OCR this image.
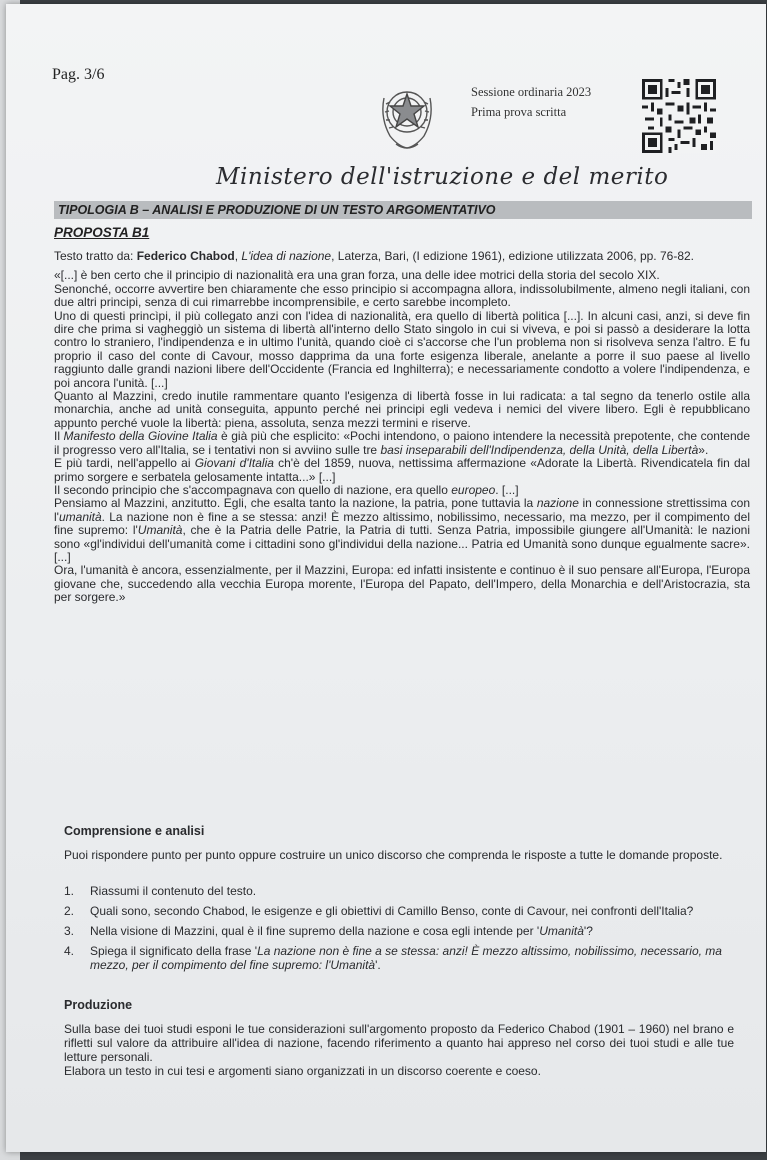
Pag. 3/6
Sessione ordinaria 2023
Prima prova scritta
Ministero dell'istruzione e del merito
TIPOLOGIA B – ANALISI E PRODUZIONE DI UN TESTO ARGOMENTATIVO
PROPOSTA B1

Testo tratto da: Federico Chabod, L'idea di nazione, Laterza, Bari, (I edizione 1961), edizione utilizzata 2006, pp. 76-82.

«[...] è ben certo che il principio di nazionalità era una gran forza, una delle idee motrici della storia del secolo XIX.

Senonché, occorre avvertire ben chiaramente che esso principio si accompagna allora, indissolubilmente, almeno negli italiani, con due altri principi, senza di cui rimarrebbe incomprensibile, e certo sarebbe incompleto.

Uno di questi princìpi, il più collegato anzi con l'idea di nazionalità, era quello di libertà politica [...]. In alcuni casi, anzi, si deve fin dire che prima si vagheggiò un sistema di libertà all'interno dello Stato singolo in cui si viveva, e poi si passò a desiderare la lotta contro lo straniero, l'indipendenza e in ultimo l'unità, quando cioè ci s'accorse che l'un problema non si risolveva senza l'altro. E fu proprio il caso del conte di Cavour, mosso dapprima da una forte esigenza liberale, anelante a porre il suo paese al livello raggiunto dalle grandi nazioni libere dell'Occidente (Francia ed Inghilterra); e necessariamente condotto a volere l'indipendenza, e poi ancora l'unità. [...]

Quanto al Mazzini, credo inutile rammentare quanto l'esigenza di libertà fosse in lui radicata: a tal segno da tenerlo ostile alla monarchia, anche ad unità conseguita, appunto perché nei principi egli vedeva i nemici del vivere libero. Egli è repubblicano appunto perché vuole la libertà: piena, assoluta, senza mezzi termini e riserve.

Il Manifesto della Giovine Italia è già più che esplicito: «Pochi intendono, o paiono intendere la necessità prepotente, che contende il progresso vero all'Italia, se i tentativi non si avviino sulle tre basi inseparabili dell'Indipendenza, della Unità, della Libertà».

E più tardi, nell'appello ai Giovani d'Italia ch'è del 1859, nuova, nettissima affermazione «Adorate la Libertà. Rivendicatela fin dal primo sorgere e serbatela gelosamente intatta...» [...]

Il secondo principio che s'accompagnava con quello di nazione, era quello europeo. [...]

Pensiamo al Mazzini, anzitutto. Egli, che esalta tanto la nazione, la patria, pone tuttavia la nazione in connessione strettissima con l'umanità. La nazione non è fine a se stessa: anzi! È mezzo altissimo, nobilissimo, necessario, ma mezzo, per il compimento del fine supremo: l'Umanità, che è la Patria delle Patrie, la Patria di tutti. Senza Patria, impossibile giungere all'Umanità: le nazioni sono «gl'individui dell'umanità come i cittadini sono gl'individui della nazione... Patria ed Umanità sono dunque egualmente sacre». [...]

Ora, l'umanità è ancora, essenzialmente, per il Mazzini, Europa: ed infatti insistente e continuo è il suo pensare all'Europa, l'Europa giovane che, succedendo alla vecchia Europa morente, l'Europa del Papato, dell'Impero, della Monarchia e dell'Aristocrazia, sta per sorgere.»

Comprensione e analisi
Puoi rispondere punto per punto oppure costruire un unico discorso che comprenda le risposte a tutte le domande proposte.
1.	Riassumi il contenuto del testo.
2.	Quali sono, secondo Chabod, le esigenze e gli obiettivi di Camillo Benso, conte di Cavour, nei confronti dell'Italia?
3.	Nella visione di Mazzini, qual è il fine supremo della nazione e cosa egli intende per 'Umanità'?
4.	Spiega il significato della frase 'La nazione non è fine a se stessa: anzi! È mezzo altissimo, nobilissimo, necessario, ma mezzo, per il compimento del fine supremo: l'Umanità'.
Produzione
Sulla base dei tuoi studi esponi le tue considerazioni sull'argomento proposto da Federico Chabod (1901 – 1960) nel brano e rifletti sul valore da attribuire all'idea di nazione, facendo riferimento a quanto hai appreso nel corso dei tuoi studi e alle tue letture personali.
Elabora un testo in cui tesi e argomenti siano organizzati in un discorso coerente e coeso.
